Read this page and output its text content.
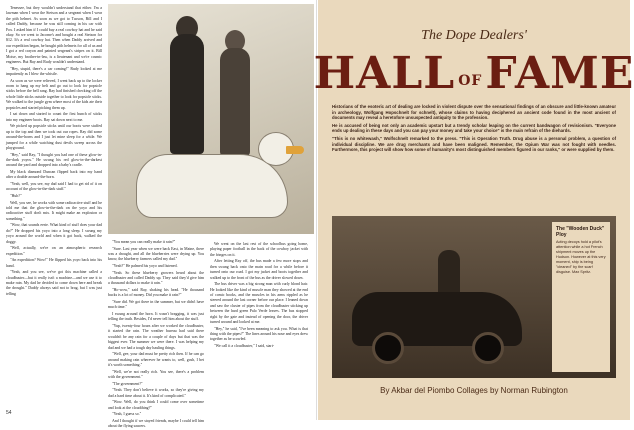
Tenessee, but they wouldn't understand that either. I'm a lawman when I wear the Stetson and a sergeant when I wear the pith helmet. As soon as we got to Tucson, Bill and I called Daddy, because he was still coming in his car with Fox. I asked him if I could buy a real cowboy hat and he said okay. So we went to Jacome's and bought a real Stetson for $12. It's a real cowboy hat. Then when Daddy arrived and our expedition began, he bought pith helmets for all of us and I got a red crayon and painted sergeant's stripes on it. Bill Moise, my brother-in-law, is a lieutenant and we're cosmic engineers. But Ray and Rudy wouldn't understand.

"Hey, stupid, there's a car coming!" Rudy looked at me impatiently as I blew the whistle.

As soon as we were relieved, I went back up to the locker room to hang up my belt and go out to look for popsicle sticks before the bell rang. Ray had finished checking off the whole little sticks outside together to look for popsicle sticks. We walked to the jungle gym where most of the kids ate their popsicles and started picking them up.

I sat down and started to count the first bunch of sticks into my engineer boots. Ray sat down next to me.

We picked up popsicle sticks until our boots were stuffed up to the top and then we took out our ropes. Ray did some around-the-horns and I just let mine sleep for a while. We jumped for a while watching dust devils sweep across the playground.

"Hey," said Ray, "I thought you had one of these glow-in-the-dark yoyos." He swung his red glow-in-the-darkest around the yard and dropped into a baby's cradle.

My black diamond Duncan flipped back into my hand after a double around-the-horn.

"Yeah, well, you see, my dad said I had to get rid of it on account of the glow-in-the-dark stuff."

"Huh?"

Well, you see, he works with some radioactive stuff and he told me that the glow-in-the-dark on the yoyo and his radioactive stuff don't mix. It might make an explosion or something."

"Wow, that sounds eerie. What kind of stuff does your dad do?" He dropped his yoyo into a long sleep. I swung my yoyo around the world and when it got back, walked the doggy.

"Well, actually, we're on an atmospheric research expedition."

"An expedition? Wow!" He flipped his yoyo back into his hand.

"Yeah, and you see, we've got this machine called a cloudbuster—but it really isn't a machine—and we use it to make rain. My dad he decided to come down here and break the drought." Daddy always said not to brag, but I was just telling

"You mean you can really make it rain?"

"Sure. Last year when we were back East, in Maine, there was a drought, and all the blueberries were drying up. You know, the blueberry farmers called my dad."

"Yeah?" He palmed his yoyo and listened.

"Yeah. So these blueberry growers heard about the cloudbuster and called Daddy up. They said they'd give him a thousand dollars to make it rain."

"Ho-wow," said Ray, shaking his head. "He thousand bucks is a lot of money. Did you make it rain?"

"Sure did. We got there in the summer, but we didn't have much time."

I swung around the horn. It wasn't bragging, it was just telling the truth. Besides, I'd never tell him about the stuff.

"Yup, twenty-four hours after we worked the cloudbuster, it started the rain. The weather bureau had said there wouldn't be any rain for a couple of days but that was the biggest ever. The summer we were there. I was helping my dad and we had a tough day hauling things.

"Well, gee, your dad must be pretty rich then. If he can go around making rain wherever he wants to, well, gosh, I bet it's worth something."

"Well, we're not really rich. You see, there's a problem with the government."

"The government?"

"Yeah. They don't believe it works, so they're giving my dad a hard time about it. It's kind of complicated."

"Wow. Well, do you think I could come over sometime and look at the cloudthing?"

"Yeah, I guess so."

And I thought if we stayed friends, maybe I could tell him about the flying saucers.

We went on the last rest of the schoolbus going home, playing paper football in the back of the cowboy jacket with the fringes on it.

After letting Ray off, the bus made a few more stops and then swung back onto the main road for a while before it turned onto our road. I got my jacket and boots together and walked up to the front of the bus as the driver slowed down.

The bus driver was a big strong man with curly blond hair. He looked like the kind of muscle man they showed at the end of comic books, and the muscles in his arms rippled as he steered around the last corner before our place. I leaned down and saw the cluster of pipes from the cloudbuster sticking up between the hard green Palo Verde leaves. The bus stopped right by the gate and instead of opening the door, the driver turned around and looked at me.

"Hey," he said, "I've been meaning to ask you. What is that thing with the pipes?" The lines around his nose and eyes drew together as he scowled.

"We call it a cloudbuster," I said, start-

54
The Dope Dealers'
HALL OF FAME

Historians of the esoteric art of dealing are locked in violent dispute over the sensational findings of an obscure and little-known amateur in archeology, Wolfgang Hopschnelt for schnelt), whose claims to having deciphered an ancient code found in the most ancient of documents may reveal a heretofore unsuspected antiquity to the profession.

He is accused of being not only an academic upstart but a trendy scholar leaping on the current bandwagon of revisionism. "Everyone ends up dealing in these days and you can pay your money and take your choice" is the main refrain of the diehards.

"This is no whitewash," Wolfschnelt remarked to the press. "This is Operation Truth. Drug abuse is a personal problem, a question of individual discipline. We are drug merchants and have been maligned. Remember, the Opium War was not fought with needles. Furthermore, this project will show how some of humanity's most distinguished members figured in our ranks," or were supplied by them.

The "Wooden Duck" Ploy
Acting decoys hold a pilot's attention while a hot French shipment moves up the Hudson. However at this very moment, ship is being "cleaned" by the scarf disguise. Max Spritz.
By Akbar del Piombo Collages by Norman Rubington
